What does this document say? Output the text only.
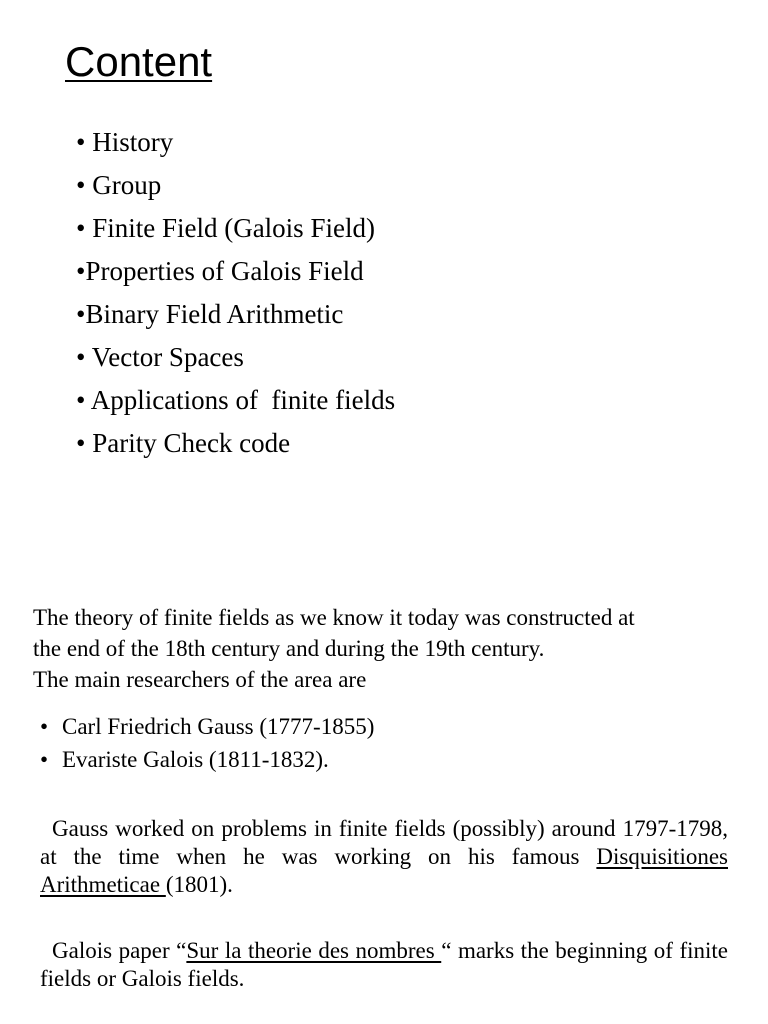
Content
• History
• Group
• Finite Field (Galois Field)
•Properties of Galois Field
•Binary Field Arithmetic
• Vector Spaces
• Applications of  finite fields
• Parity Check code

The theory of finite fields as we know it today was constructed at
the end of the 18th century and during the 19th century.
The main researchers of the area are

• Carl Friedrich Gauss (1777-1855)
• Evariste Galois (1811-1832).

Gauss worked on problems in finite fields (possibly) around 1797-1798, at the time when he was working on his famous Disquisitiones Arithmeticae (1801).

Galois paper “Sur la theorie des nombres “ marks the beginning of finite fields or Galois fields.
